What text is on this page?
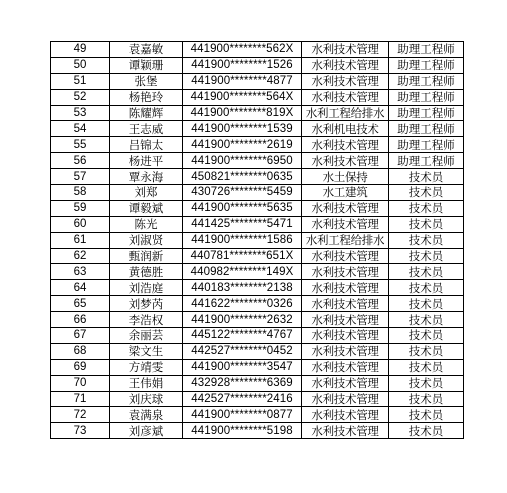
49	袁嘉敏	441900********562X	水利技术管理	助理工程师
50	谭颖珊	441900********1526	水利技术管理	助理工程师
51	张堡	441900********4877	水利技术管理	助理工程师
52	杨艳玲	441900********564X	水利技术管理	助理工程师
53	陈耀辉	441900********819X	水利工程给排水	助理工程师
54	王志威	441900********1539	水利机电技术	助理工程师
55	吕锦太	441900********2619	水利技术管理	助理工程师
56	杨进平	441900********6950	水利技术管理	助理工程师
57	覃永海	450821********0635	水土保持	技术员
58	刘郑	430726********5459	水工建筑	技术员
59	谭毅斌	441900********5635	水利技术管理	技术员
60	陈光	441425********5471	水利技术管理	技术员
61	刘淑贤	441900********1586	水利工程给排水	技术员
62	甄润新	440781********651X	水利技术管理	技术员
63	黄德胜	440982********149X	水利技术管理	技术员
64	刘浩庭	440183********2138	水利技术管理	技术员
65	刘梦芮	441622********0326	水利技术管理	技术员
66	李浩权	441900********2632	水利技术管理	技术员
67	余丽芸	445122********4767	水利技术管理	技术员
68	梁文生	442527********0452	水利技术管理	技术员
69	方靖雯	441900********3547	水利技术管理	技术员
70	王伟娟	432928********6369	水利技术管理	技术员
71	刘庆球	442527********2416	水利技术管理	技术员
72	袁满泉	441900********0877	水利技术管理	技术员
73	刘彦斌	441900********5198	水利技术管理	技术员
